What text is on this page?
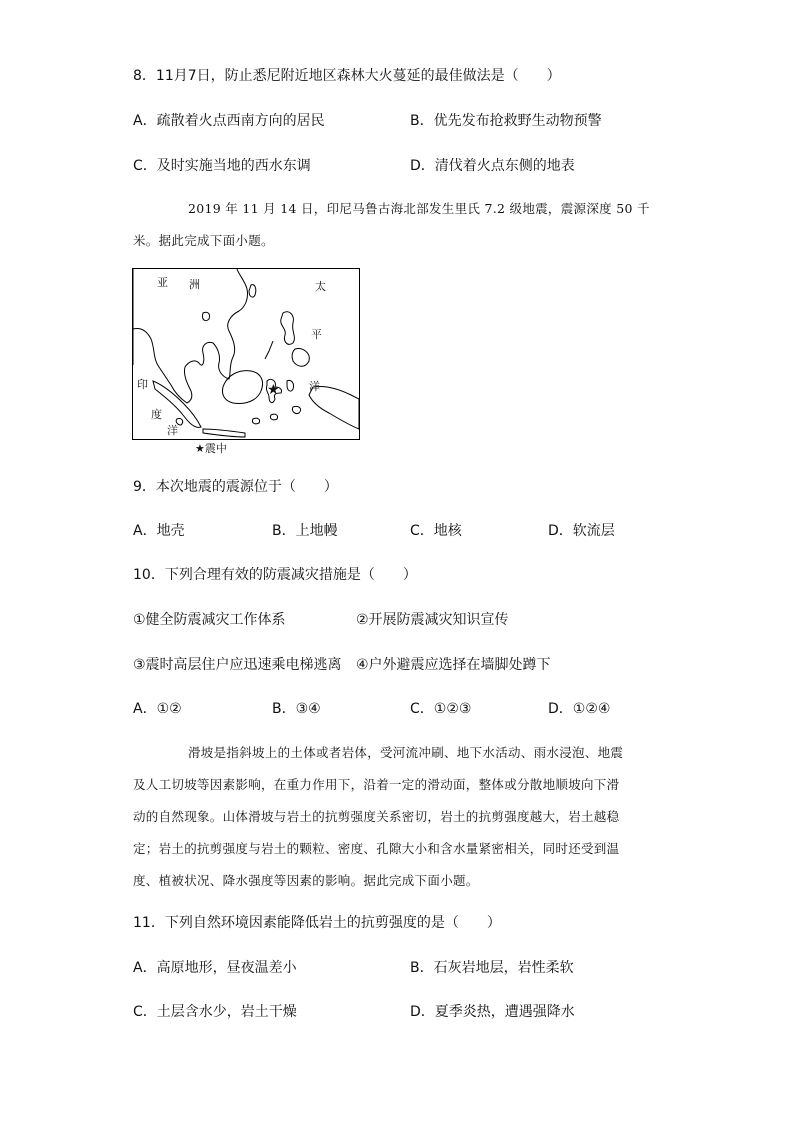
8．11月7日，防止悉尼附近地区森林大火蔓延的最佳做法是（　　）
A．疏散着火点西南方向的居民	B．优先发布抢救野生动物预警
C．及时实施当地的西水东调	D．清伐着火点东侧的地表
2019 年 11 月 14 日，印尼马鲁古海北部发生里氏 7.2 级地震，震源深度 50 千
米。据此完成下面小题。
亚 洲	太
平
洋
印
度
洋
★
★震中
9．本次地震的震源位于（　　）
A．地壳	B．上地幔	C．地核	D．软流层
10．下列合理有效的防震减灾措施是（　　）
①健全防震减灾工作体系	②开展防震减灾知识宣传
③震时高层住户应迅速乘电梯逃离 ④户外避震应选择在墙脚处蹲下
A．①②	B．③④	C．①②③	D．①②④
滑坡是指斜坡上的土体或者岩体，受河流冲刷、地下水活动、雨水浸泡、地震
及人工切坡等因素影响，在重力作用下，沿着一定的滑动面，整体或分散地顺坡向下滑
动的自然现象。山体滑坡与岩土的抗剪强度关系密切，岩土的抗剪强度越大，岩土越稳
定；岩土的抗剪强度与岩土的颗粒、密度、孔隙大小和含水量紧密相关，同时还受到温
度、植被状况、降水强度等因素的影响。据此完成下面小题。
11．下列自然环境因素能降低岩土的抗剪强度的是（　　）
A．高原地形，昼夜温差小	B．石灰岩地层，岩性柔软
C．土层含水少，岩土干燥	D．夏季炎热，遭遇强降水
